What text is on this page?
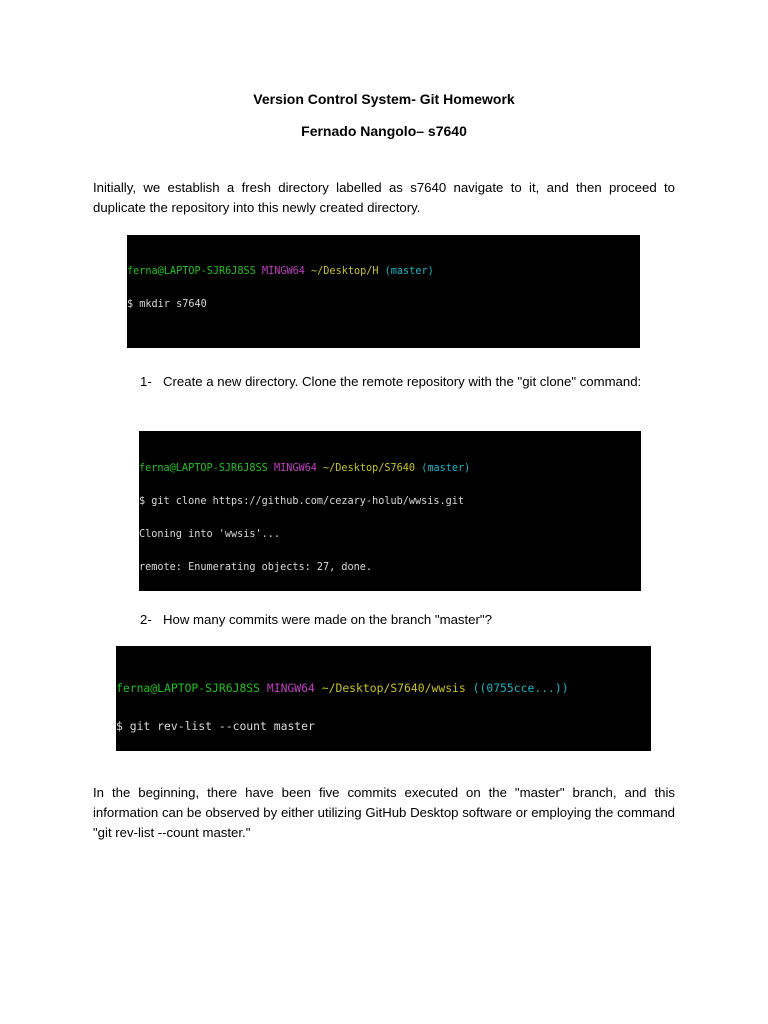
Version Control System- Git Homework
Fernado Nangolo– s7640
Initially, we establish a fresh directory labelled as s7640 navigate to it, and then proceed to duplicate the repository into this newly created directory.

ferna@LAPTOP-SJR6J8SS MINGW64 ~/Desktop/H (master)

$ mkdir s7640

1- Create a new directory. Clone the remote repository with the "git clone" command:

ferna@LAPTOP-SJR6J8SS MINGW64 ~/Desktop/S7640 (master)

$ git clone https://github.com/cezary-holub/wwsis.git

Cloning into 'wwsis'...

remote: Enumerating objects: 27, done.

2- How many commits were made on the branch "master"?

ferna@LAPTOP-SJR6J8SS MINGW64 ~/Desktop/S7640/wwsis ((0755cce...))

$ git rev-list --count master

In the beginning, there have been five commits executed on the "master" branch, and this information can be observed by either utilizing GitHub Desktop software or employing the command "git rev-list --count master."
